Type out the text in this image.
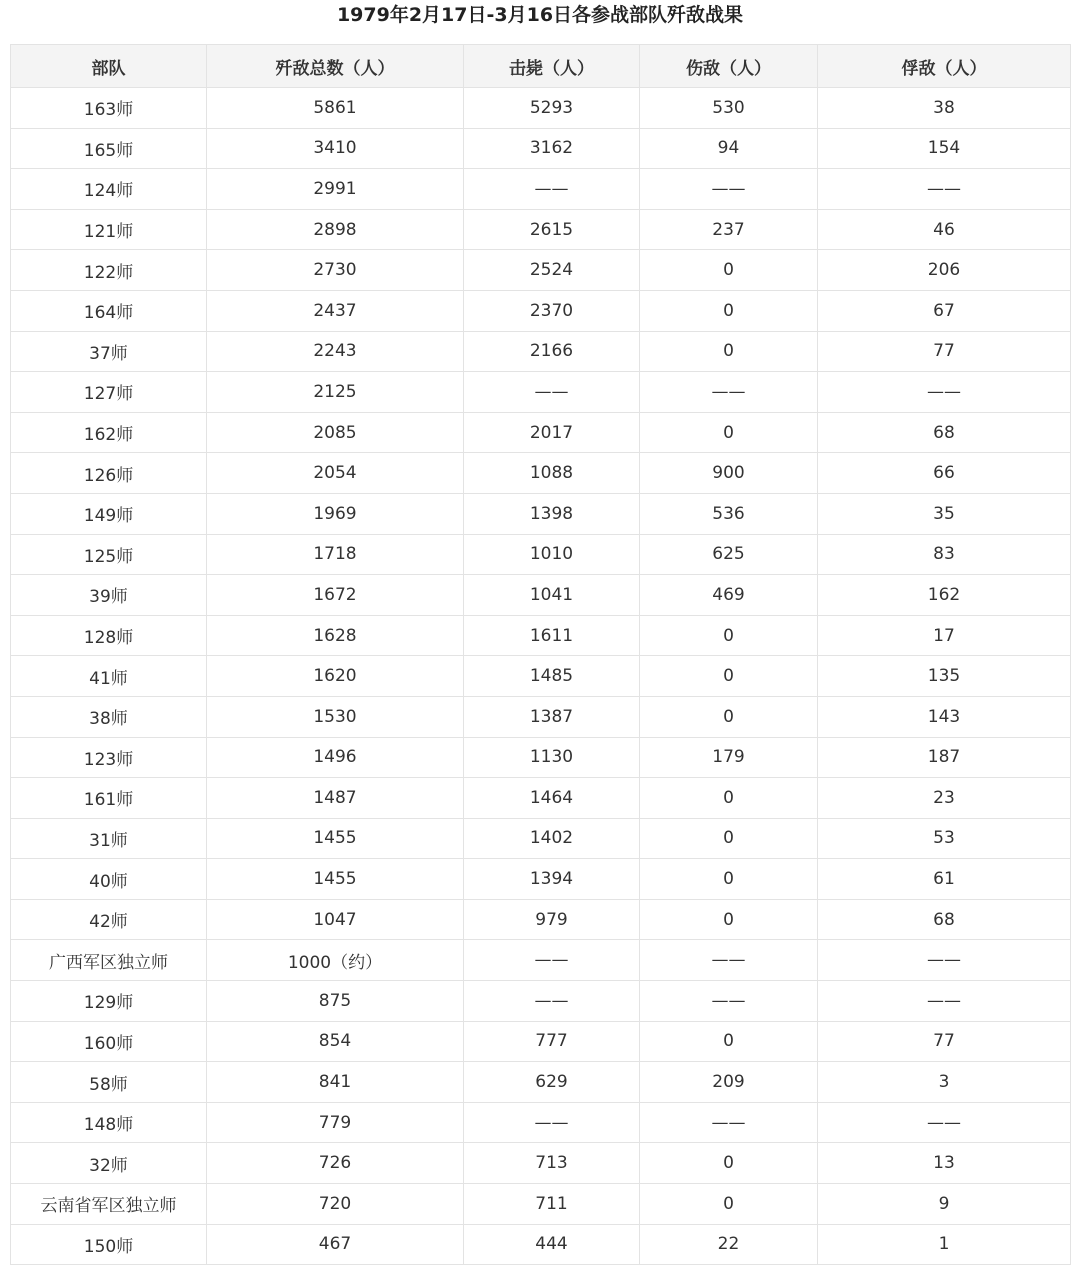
1979年2月17日-3月16日各参战部队歼敌战果
部队	歼敌总数（人）	击毙（人）	伤敌（人）	俘敌（人）
163师	5861	5293	530	38
165师	3410	3162	94	154
124师	2991	——	——	——
121师	2898	2615	237	46
122师	2730	2524	0	206
164师	2437	2370	0	67
37师	2243	2166	0	77
127师	2125	——	——	——
162师	2085	2017	0	68
126师	2054	1088	900	66
149师	1969	1398	536	35
125师	1718	1010	625	83
39师	1672	1041	469	162
128师	1628	1611	0	17
41师	1620	1485	0	135
38师	1530	1387	0	143
123师	1496	1130	179	187
161师	1487	1464	0	23
31师	1455	1402	0	53
40师	1455	1394	0	61
42师	1047	979	0	68
广西军区独立师	1000（约）	——	——	——
129师	875	——	——	——
160师	854	777	0	77
58师	841	629	209	3
148师	779	——	——	——
32师	726	713	0	13
云南省军区独立师	720	711	0	9
150师	467	444	22	1
